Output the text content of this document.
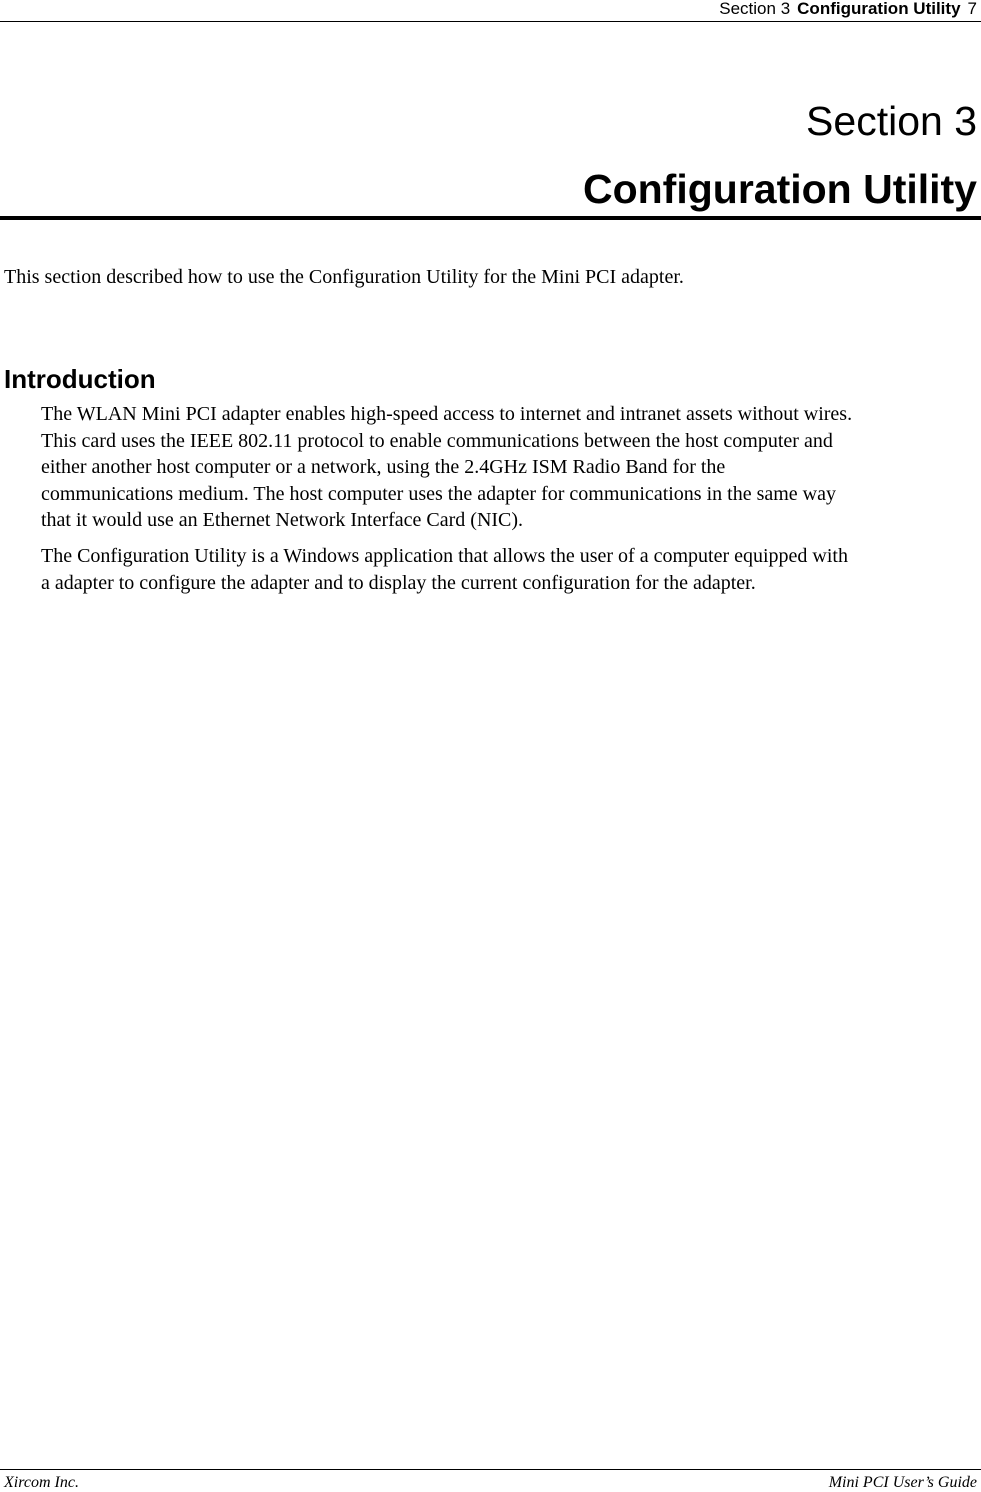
Section 3 Configuration Utility 7
Section 3
Configuration Utility
This section described how to use the Configuration Utility for the Mini PCI adapter.
Introduction

The WLAN Mini PCI adapter enables high-speed access to internet and intranet assets without wires.
This card uses the IEEE 802.11 protocol to enable communications between the host computer and
either another host computer or a network, using the 2.4GHz ISM Radio Band for the
communications medium. The host computer uses the adapter for communications in the same way
that it would use an Ethernet Network Interface Card (NIC).

The Configuration Utility is a Windows application that allows the user of a computer equipped with
a adapter to configure the adapter and to display the current configuration for the adapter.

Xircom Inc.	Mini PCI User’s Guide
